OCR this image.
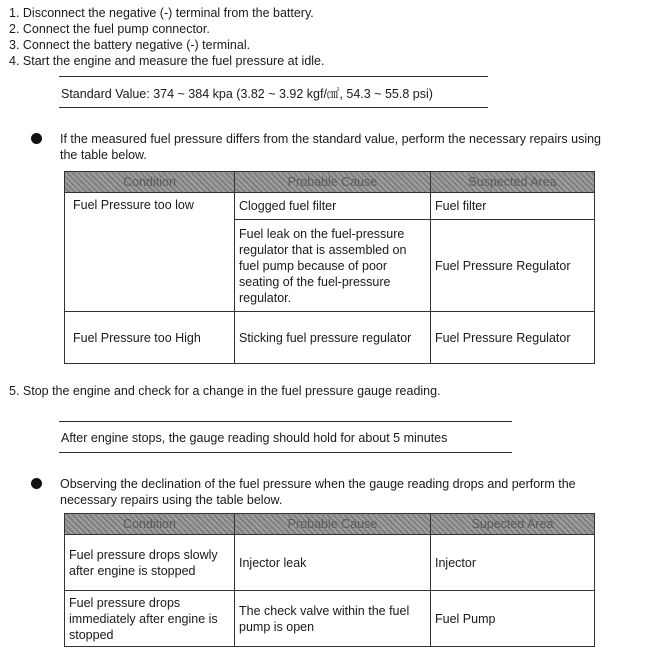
1. Disconnect the negative (-) terminal from the battery.
2. Connect the fuel pump connector.
3. Connect the battery negative (-) terminal.
4. Start the engine and measure the fuel pressure at idle.
Standard Value: 374 ~ 384 kpa (3.82 ~ 3.92 kgf/㎠, 54.3 ~ 55.8 psi)
If the measured fuel pressure differs from the standard value, perform the necessary repairs using the table below.
Condition	Probable Cause	Suspected Area
Fuel Pressure too low	Clogged fuel filter	Fuel filter
	Fuel leak on the fuel-pressure regulator that is assembled on fuel pump because of poor seating of the fuel-pressure regulator.	Fuel Pressure Regulator
Fuel Pressure too High	Sticking fuel pressure regulator	Fuel Pressure Regulator
5. Stop the engine and check for a change in the fuel pressure gauge reading.
After engine stops, the gauge reading should hold for about 5 minutes
Observing the declination of the fuel pressure when the gauge reading drops and perform the necessary repairs using the table below.
Condition	Probable Cause	Supected Area
Fuel pressure drops slowly after engine is stopped	Injector leak	Injector
Fuel pressure drops immediately after engine is stopped	The check valve within the fuel pump is open	Fuel Pump
